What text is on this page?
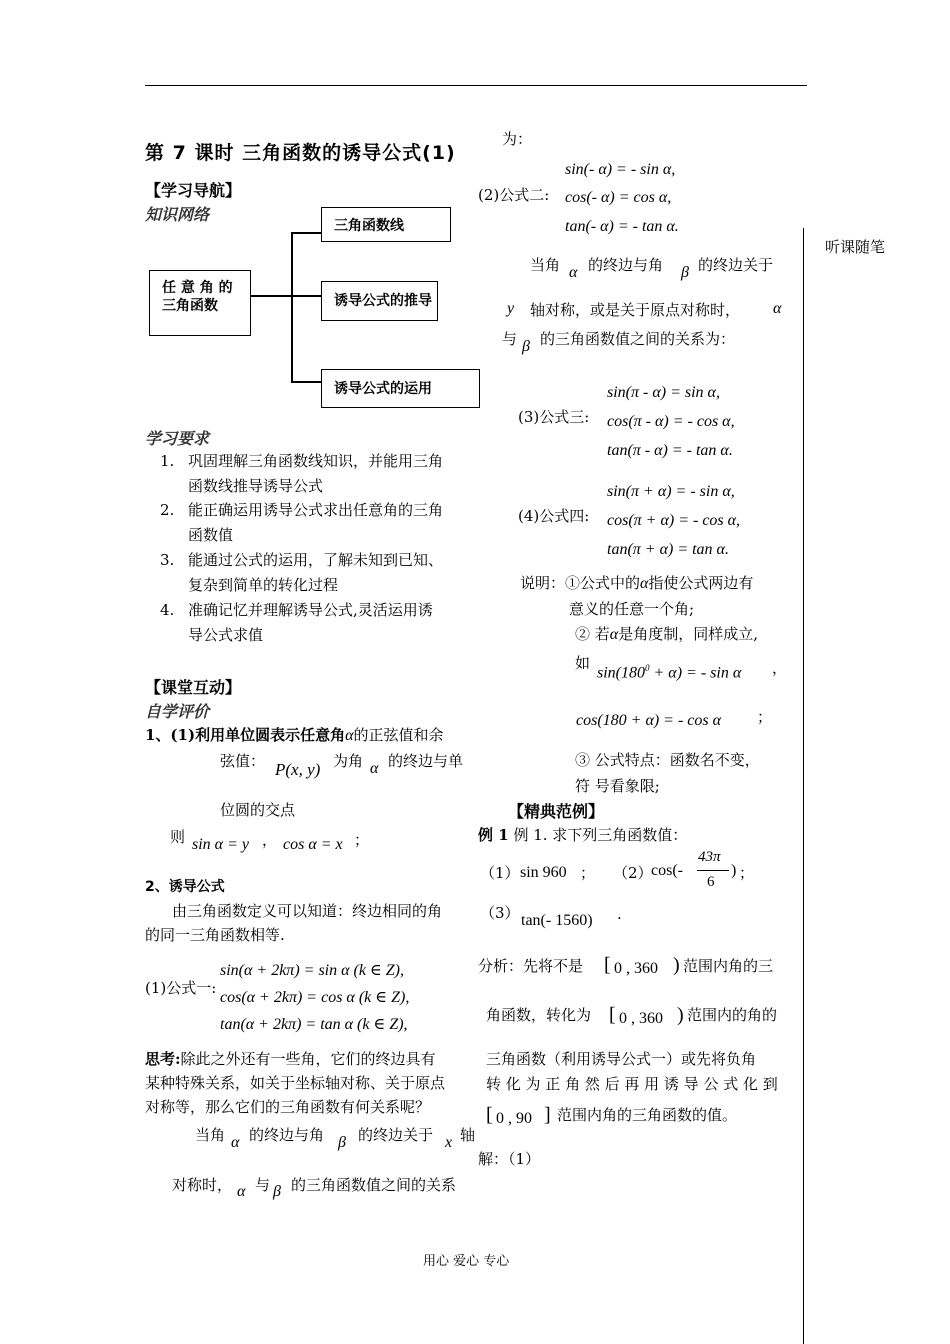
第 7 课时 三角函数的诱导公式(1)
【学习导航】
知识网络
任 意 角 的
三角函数
三角函数线
诱导公式的推导
诱导公式的运用
学习要求
1. 巩固理解三角函数线知识，并能用三角
函数线推导诱导公式
2. 能正确运用诱导公式求出任意角的三角
函数值
3. 能通过公式的运用，了解未知到已知、
复杂到简单的转化过程
4. 准确记忆并理解诱导公式,灵活运用诱
导公式求值
【课堂互动】
自学评价
1、(1)利用单位圆表示任意角α的正弦值和余
弦值： P(x, y) 为角 α 的终边与单
位圆的交点
则 sin α = y ， cos α = x ；
2、诱导公式
由三角函数定义可以知道：终边相同的角
的同一三角函数相等.
(1)公式一:
sin(α + 2kπ) = sin α (k ∈ Z),
cos(α + 2kπ) = cos α (k ∈ Z),
tan(α + 2kπ) = tan α (k ∈ Z),
思考:除此之外还有一些角，它们的终边具有
某种特殊关系，如关于坐标轴对称、关于原点
对称等，那么它们的三角函数有何关系呢？
当角 α 的终边与角 β 的终边关于 x 轴
对称时， α 与 β 的三角函数值之间的关系
为：
(2)公式二:
sin(- α) = - sin α,
cos(- α) = cos α,
tan(- α) = - tan α.
当角 α 的终边与角 β 的终边关于
y 轴对称，或是关于原点对称时， α
与 β 的三角函数值之间的关系为：
(3)公式三:
sin(π - α) = sin α,
cos(π - α) = - cos α,
tan(π - α) = - tan α.
(4)公式四:
sin(π + α) = - sin α,
cos(π + α) = - cos α,
tan(π + α) = tan α.
说明：①公式中的α指使公式两边有
意义的任意一个角;
② 若α是角度制，同样成立,
如
$\sin(180^0 + \alpha)$ = - sin α ，
cos(180 + α) = - cos α ；
③ 公式特点：函数名不变，
符 号看象限;
听课随笔
【精典范例】
例 1 例 1. 求下列三角函数值：
（1） sin 960 ； （2）
cos(-
43π
6
) ；
（3） tan(- 1560) .
分析：先将不是 [ 0 , 360 ) 范围内角的三
角函数，转化为 [ 0 , 360 ) 范围内的角的
三角函数（利用诱导公式一）或先将负角
转 化 为 正 角 然 后 再 用 诱 导 公 式 化 到
[ 0 , 90 ] 范围内角的三角函数的值。
解：（1）
用心 爱心 专心
